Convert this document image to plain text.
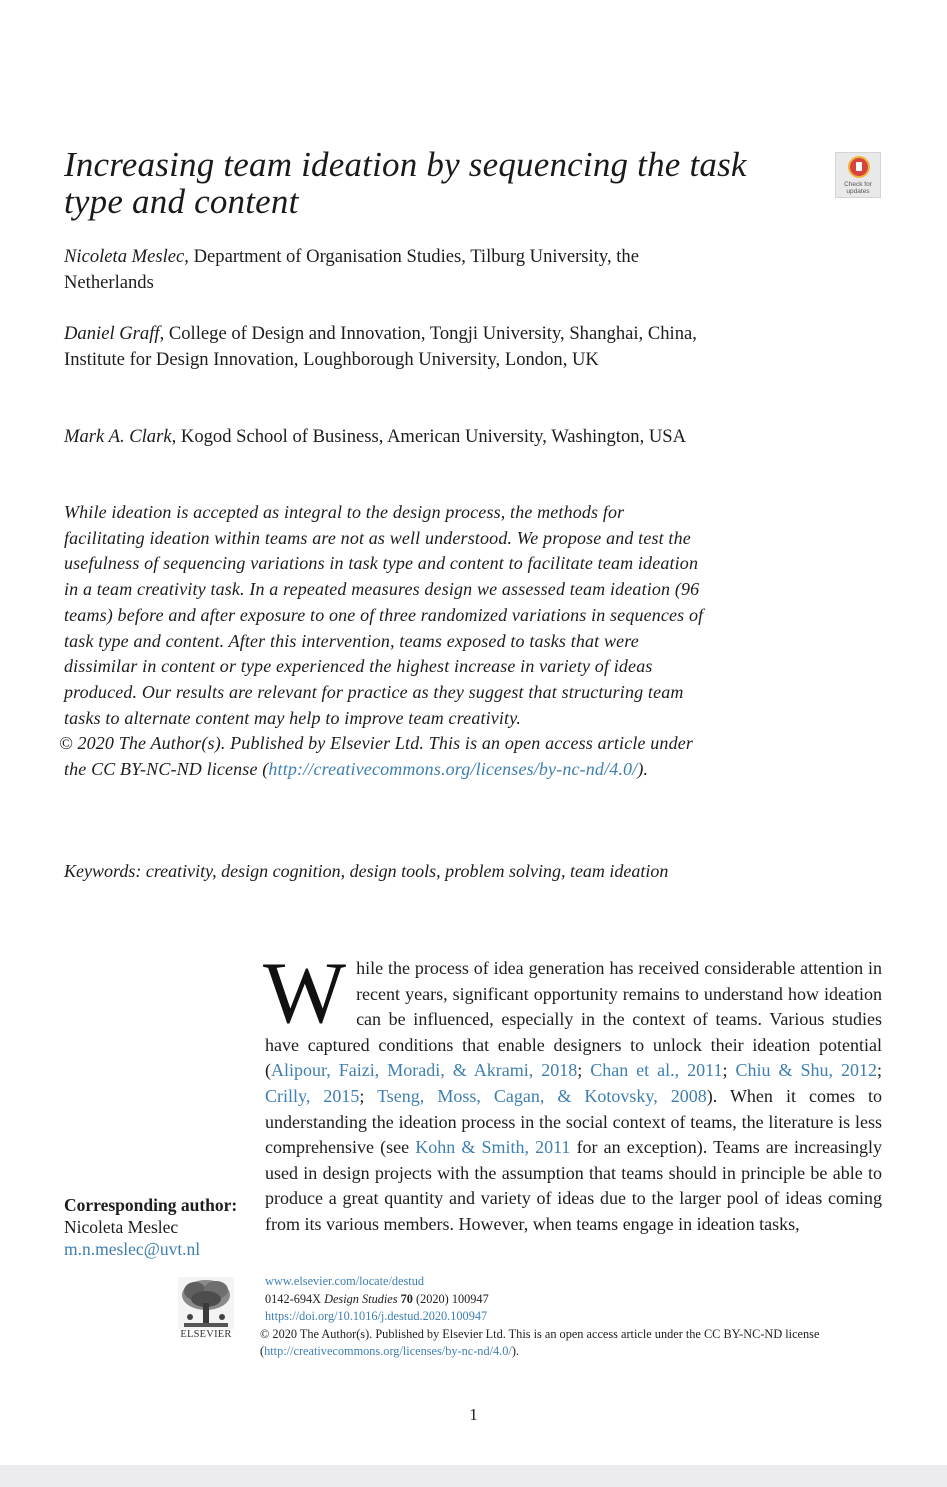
Increasing team ideation by sequencing the task type and content	Check for updates

Nicoleta Meslec, Department of Organisation Studies, Tilburg University, the Netherlands

Daniel Graff, College of Design and Innovation, Tongji University, Shanghai, China, Institute for Design Innovation, Loughborough University, London, UK

Mark A. Clark, Kogod School of Business, American University, Washington, USA

While ideation is accepted as integral to the design process, the methods for facilitating ideation within teams are not as well understood. We propose and test the usefulness of sequencing variations in task type and content to facilitate team ideation in a team creativity task. In a repeated measures design we assessed team ideation (96 teams) before and after exposure to one of three randomized variations in sequences of task type and content. After this intervention, teams exposed to tasks that were dissimilar in content or type experienced the highest increase in variety of ideas produced. Our results are relevant for practice as they suggest that structuring team tasks to alternate content may help to improve team creativity.
© 2020 The Author(s). Published by Elsevier Ltd. This is an open access article under the CC BY-NC-ND license (http://creativecommons.org/licenses/by-nc-nd/4.0/).

Keywords: creativity, design cognition, design tools, problem solving, team ideation

While the process of idea generation has received considerable attention in recent years, significant opportunity remains to understand how ideation can be influenced, especially in the context of teams. Various studies have captured conditions that enable designers to unlock their ideation potential (Alipour, Faizi, Moradi, & Akrami, 2018; Chan et al., 2011; Chiu & Shu, 2012; Crilly, 2015; Tseng, Moss, Cagan, & Kotovsky, 2008). When it comes to understanding the ideation process in the social context of teams, the literature is less comprehensive (see Kohn & Smith, 2011 for an exception). Teams are increasingly used in design projects with the assumption that teams should in principle be able to produce a great quantity and variety of ideas due to the larger pool of ideas coming from its various members. However, when teams engage in ideation tasks,

Corresponding author:
Nicoleta Meslec
m.n.meslec@uvt.nl
ELSEVIER
www.elsevier.com/locate/destud
0142-694X Design Studies 70 (2020) 100947
https://doi.org/10.1016/j.destud.2020.100947
© 2020 The Author(s). Published by Elsevier Ltd. This is an open access article under the CC BY-NC-ND license (http://creativecommons.org/licenses/by-nc-nd/4.0/).
1
